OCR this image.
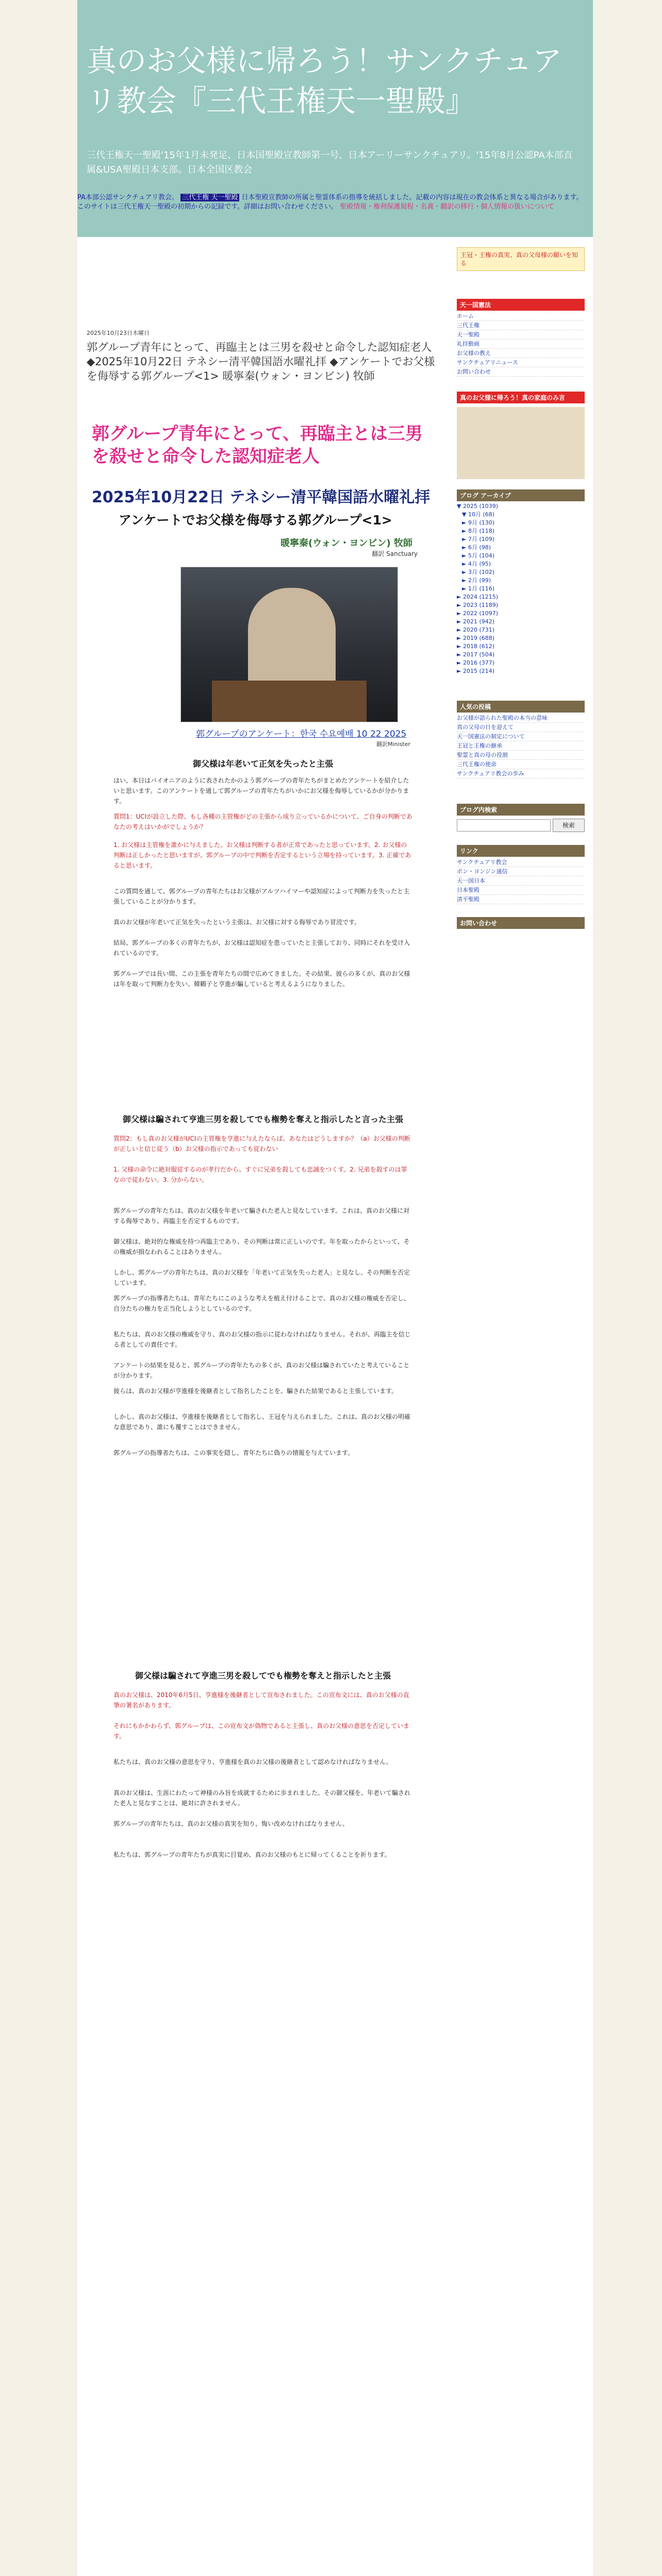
真のお父様に帰ろう！サンクチュアリ教会『三代王権天一聖殿』
三代王権天一聖殿'15年1月未発足、日本国聖殿宣教師第一号、日本アーリーサンクチュアリ。'15年8月公認PA本部直属&USA聖殿日本支部。日本全国区教会
PA本部公認サンクチュアリ教会。 三代王権 天一聖殿 日本聖殿宣教師の所属と聖霊体系の指導を統括しました。記載の内容は現在の教会体系と異なる場合があります。このサイトは三代王権天一聖殿の初期からの記録です。詳細はお問い合わせください。 聖殿情報・権利保護規程・名義・翻訳の移行・個人情報の扱いについて
2025年10月23日木曜日
郭グループ青年にとって、再臨主とは三男を殺せと命令した認知症老人◆2025年10月22日 テネシー清平韓国語水曜礼拝 ◆アンケートでお父様を侮辱する郭グループ<1> 暖寧秦(ウォン・ヨンビン) 牧師
郭グループ青年にとって、再臨主とは三男を殺せと命令した認知症老人
2025年10月22日 テネシー清平韓国語水曜礼拝
アンケートでお父様を侮辱する郭グループ<1>
暖寧秦(ウォン・ヨンビン) 牧師
翻訳 Sanctuary
郭グループのアンケート：한국 수요예배 10 22 2025
翻訳Minister
御父様は年老いて正気を失ったと主張
はい、本日はパイオニアのように表されたかのよう郭グループの青年たちがまとめたアンケートを紹介したいと思います。このアンケートを通して郭グループの青年たちがいかにお父様を侮辱しているかが分かります。
質問1：UCIが設立した際、もし各種の主管権がどの主張から成り立っているかについて、ご自身の判断であなたの考えはいかがでしょうか？
1. お父様は主管権を誰かに与えました。お父様は判断する者が正常であったと思っています。2. お父様の判断は正しかったと思いますが、郭グループの中で判断を否定するという立場を持っています。3. 正確であると思います。
この質問を通して、郭グループの青年たちはお父様がアルツハイマーや認知症によって判断力を失ったと主張していることが分かります。
真のお父様が年老いて正気を失ったという主張は、お父様に対する侮辱であり冒涜です。
結局、郭グループの多くの青年たちが、お父様は認知症を患っていたと主張しており、同時にそれを受け入れているのです。
郭グループでは長い間、この主張を青年たちの間で広めてきました。その結果、彼らの多くが、真のお父様は年を取って判断力を失い、韓鶴子と亨進が騙していると考えるようになりました。
御父様は騙されて亨進三男を殺してでも権勢を奪えと指示したと言った主張
質問2：もし真のお父様がUCIの主管権を亨進に与えたならば、あなたはどうしますか？（a）お父様の判断が正しいと信じ従う（b）お父様の指示であっても従わない
1. 父様の命令に絶対服従するのが孝行だから、すぐに兄弟を殺しても忠誠をつくす。2. 兄弟を殺すのは罪なので従わない。3. 分からない。
郭グループの青年たちは、真のお父様を年老いて騙された老人と見なしています。これは、真のお父様に対する侮辱であり、再臨主を否定するものです。
御父様は、絶対的な権威を持つ再臨主であり、その判断は常に正しいのです。年を取ったからといって、その権威が損なわれることはありません。
しかし、郭グループの青年たちは、真のお父様を「年老いて正気を失った老人」と見なし、その判断を否定しています。
郭グループの指導者たちは、青年たちにこのような考えを植え付けることで、真のお父様の権威を否定し、自分たちの権力を正当化しようとしているのです。
私たちは、真のお父様の権威を守り、真のお父様の指示に従わなければなりません。それが、再臨主を信じる者としての責任です。
アンケートの結果を見ると、郭グループの青年たちの多くが、真のお父様は騙されていたと考えていることが分かります。
彼らは、真のお父様が亨進様を後継者として指名したことを、騙された結果であると主張しています。
しかし、真のお父様は、亨進様を後継者として指名し、王冠を与えられました。これは、真のお父様の明確な意思であり、誰にも覆すことはできません。
郭グループの指導者たちは、この事実を隠し、青年たちに偽りの情報を与えています。
御父様は騙されて亨進三男を殺してでも権勢を奪えと指示したと主張
真のお父様は、2010年6月5日、亨進様を後継者として宣布されました。この宣布文には、真のお父様の直筆の署名があります。
それにもかかわらず、郭グループは、この宣布文が偽物であると主張し、真のお父様の意思を否定しています。
私たちは、真のお父様の意思を守り、亨進様を真のお父様の後継者として認めなければなりません。
真のお父様は、生涯にわたって神様のみ旨を成就するために歩まれました。その御父様を、年老いて騙された老人と見なすことは、絶対に許されません。
郭グループの青年たちは、真のお父様の真実を知り、悔い改めなければなりません。
私たちは、郭グループの青年たちが真実に目覚め、真のお父様のもとに帰ってくることを祈ります。
王冠・王権の真実、真の父母様の願いを知る
天一国憲法
ホーム
三代王権
天一聖殿
礼拝動画
お父様の教え
サンクチュアリニュース
お問い合わせ
真のお父様に帰ろう！真の家庭のみ言
ブログ アーカイブ
▼ 2025 (1039)
▼ 10月 (68)
► 9月 (130)
► 8月 (118)
► 7月 (109)
► 6月 (98)
► 5月 (104)
► 4月 (95)
► 3月 (102)
► 2月 (99)
► 1月 (116)
► 2024 (1215)
► 2023 (1189)
► 2022 (1097)
► 2021 (942)
► 2020 (731)
► 2019 (688)
► 2018 (612)
► 2017 (504)
► 2016 (377)
► 2015 (214)
人気の投稿
お父様が語られた聖殿の本当の意味
真の父母の日を迎えて
天一国憲法の制定について
王冠と王権の継承
聖霊と真の母の役割
三代王権の使命
サンクチュアリ教会の歩み
ブログ内検索
検索
リンク
サンクチュアリ教会
ポン・ヨンジン通信
天一国日本
日本聖殿
清平聖殿
お問い合わせ
